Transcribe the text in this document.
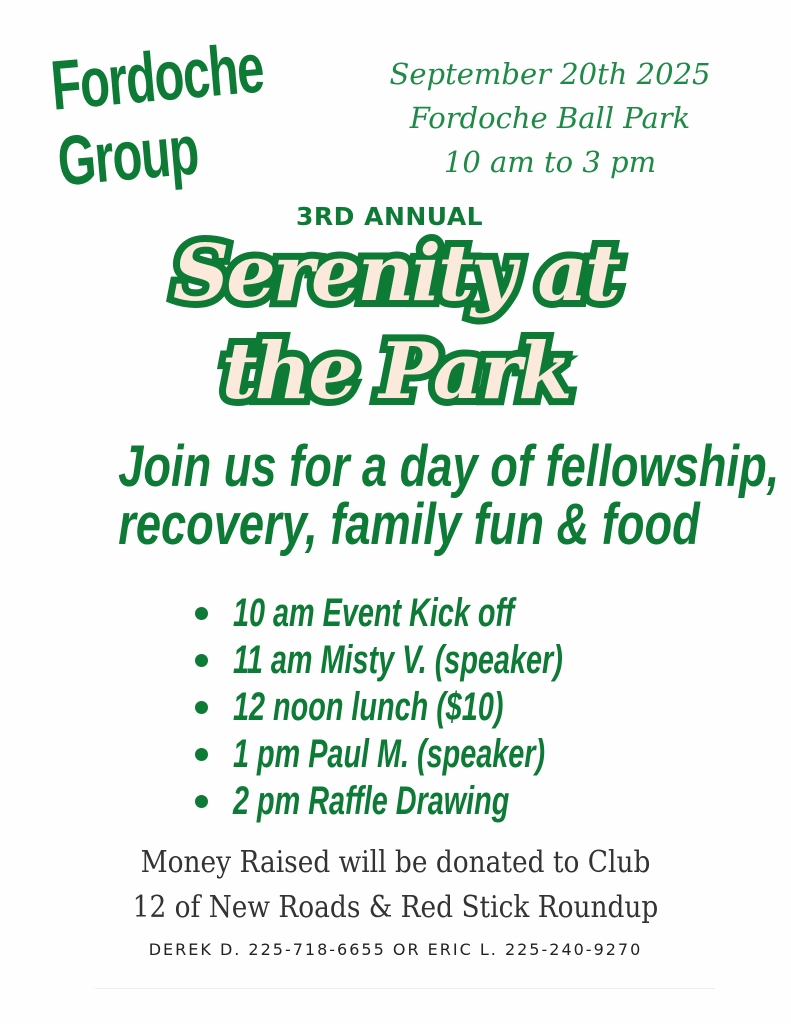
Fordoche
Group
September 20th 2025
Fordoche Ball Park
10 am to 3 pm
3RD ANNUAL
Serenity at
the Park
Join us for a day of fellowship,
recovery, family fun & food
10 am Event Kick off
11 am Misty V. (speaker)
12 noon lunch ($10)
1 pm Paul M. (speaker)
2 pm Raffle Drawing
Money Raised will be donated to Club
12 of New Roads & Red Stick Roundup
DEREK D. 225-718-6655 OR ERIC L. 225-240-9270
